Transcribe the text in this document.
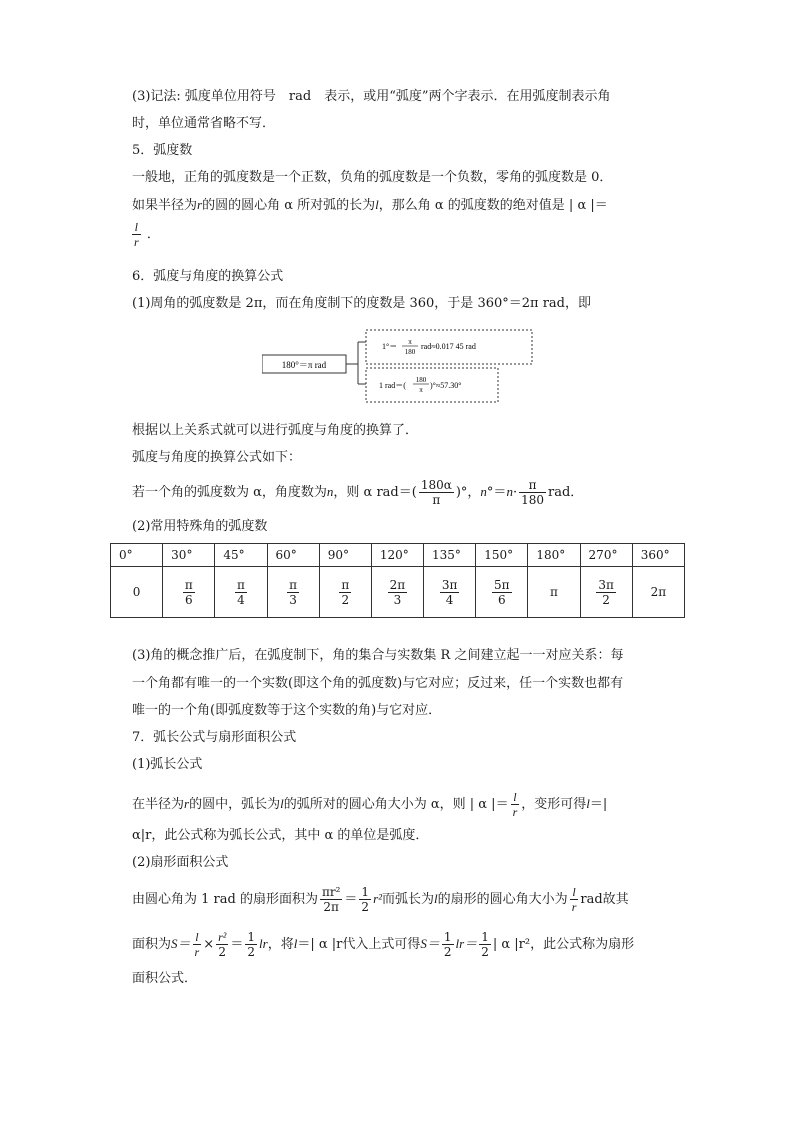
(3)记法: 弧度单位用符号　rad　表示，或用“弧度”两个字表示．在用弧度制表示角
时，单位通常省略不写．
5．弧度数
一般地，正角的弧度数是一个正数，负角的弧度数是一个负数，零角的弧度数是 0．
如果半径为r的圆的圆心角 α 所对弧的长为l，那么角 α 的弧度数的绝对值是 | α |＝
$\frac{l}{r}$ ．
6．弧度与角度的换算公式
(1)周角的弧度数是 2π，而在角度制下的度数是 360，于是 360°＝2π rad，即
180°＝π rad
1°＝ π
180
rad≈0.017 45 rad
1 rad＝(
180
π )°≈57.30°
根据以上关系式就可以进行弧度与角度的换算了．
弧度与角度的换算公式如下：
若一个角的弧度数为 α，角度数为n，则 α $rad=( \frac{180\alpha}{\pi}$ )°，$n^\circ=n\cdot \frac{\pi}{180}$ rad．
(2)常用特殊角的弧度数
0°	30°	45°	60°	90°	120°	135°	150°	180°	270°	360°
0	$\frac{\pi}{6}$	$\frac{\pi}{4}$	$\frac{\pi}{3}$	$\frac{\pi}{2}$	$\frac{2\pi}{3}$	$\frac{3\pi}{4}$	$\frac{5\pi}{6}$	π	$\frac{3\pi}{2}$	2π
(3)角的概念推广后，在弧度制下，角的集合与实数集 R 之间建立起一一对应关系：每
一个角都有唯一的一个实数(即这个角的弧度数)与它对应；反过来，任一个实数也都有
唯一的一个角(即弧度数等于这个实数的角)与它对应．
7．弧长公式与扇形面积公式
(1)弧长公式
在半径为r的圆中，弧长为l的弧所对的圆心角大小为 α，则 | α |＝ $\frac{l}{r}$ ，变形可得l＝|
α|r，此公式称为弧长公式，其中 α 的单位是弧度．
(2)扇形面积公式
由圆心角为 1 rad 的扇形面积为 $\frac{\text{πr²}}{2\pi} = \frac{1}{2} r^2$而弧长为l的扇形的圆心角大小为 $\frac{l}{r}$ rad故其
面积为$S= \frac{l}{r} \times \frac{\text{r²}}{2} = \frac{1}{2}$ lr，将l＝| α |r代入上式可得$S= \frac{1}{2} lr= \frac{1}{2}$ | α |r²，此公式称为扇形
面积公式．
